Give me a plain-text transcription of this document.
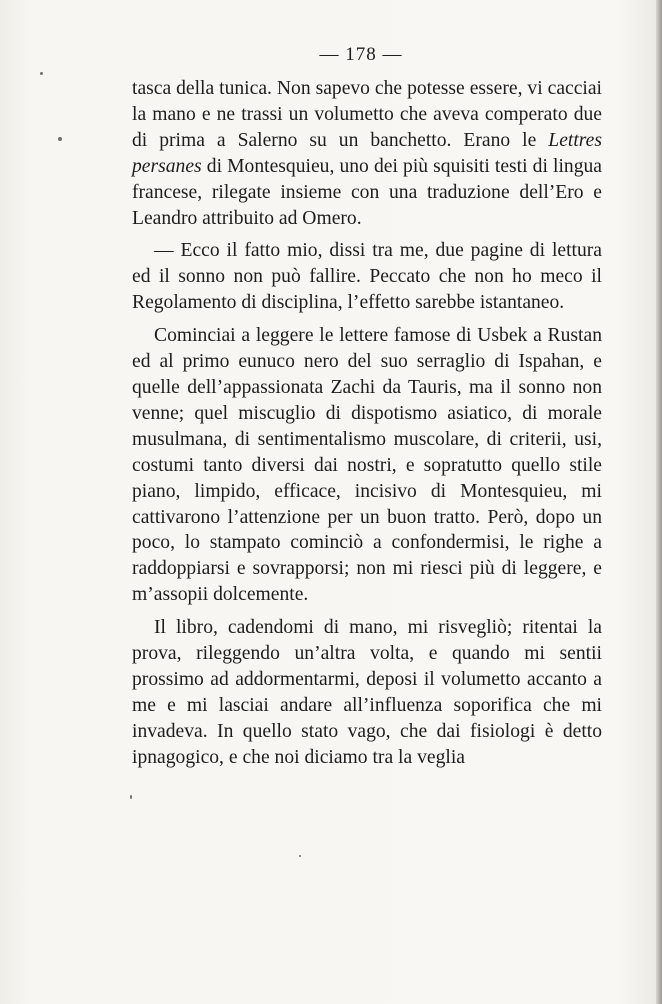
— 178 —

tasca della tunica. Non sapevo che potesse essere, vi cacciai la mano e ne trassi un volumetto che aveva comperato due di prima a Salerno su un banchetto. Erano le Lettres persanes di Montesquieu, uno dei più squisiti testi di lingua francese, rilegate insieme con una traduzione dell’Ero e Leandro attribuito ad Omero.

— Ecco il fatto mio, dissi tra me, due pagine di lettura ed il sonno non può fallire. Peccato che non ho meco il Regolamento di disciplina, l’effetto sarebbe istantaneo.

Cominciai a leggere le lettere famose di Usbek a Rustan ed al primo eunuco nero del suo serraglio di Ispahan, e quelle dell’appassionata Zachi da Tauris, ma il sonno non venne; quel miscuglio di dispotismo asiatico, di morale musulmana, di sentimentalismo muscolare, di criterii, usi, costumi tanto diversi dai nostri, e sopratutto quello stile piano, limpido, efficace, incisivo di Montesquieu, mi cattivarono l’attenzione per un buon tratto. Però, dopo un poco, lo stampato cominciò a confondermisi, le righe a raddoppiarsi e sovrapporsi; non mi riesci più di leggere, e m’assopii dolcemente.

Il libro, cadendomi di mano, mi risvegliò; ritentai la prova, rileggendo un’altra volta, e quando mi sentii prossimo ad addormentarmi, deposi il volumetto accanto a me e mi lasciai andare all’influenza soporifica che mi invadeva. In quello stato vago, che dai fisiologi è detto ipnagogico, e che noi diciamo tra la veglia
